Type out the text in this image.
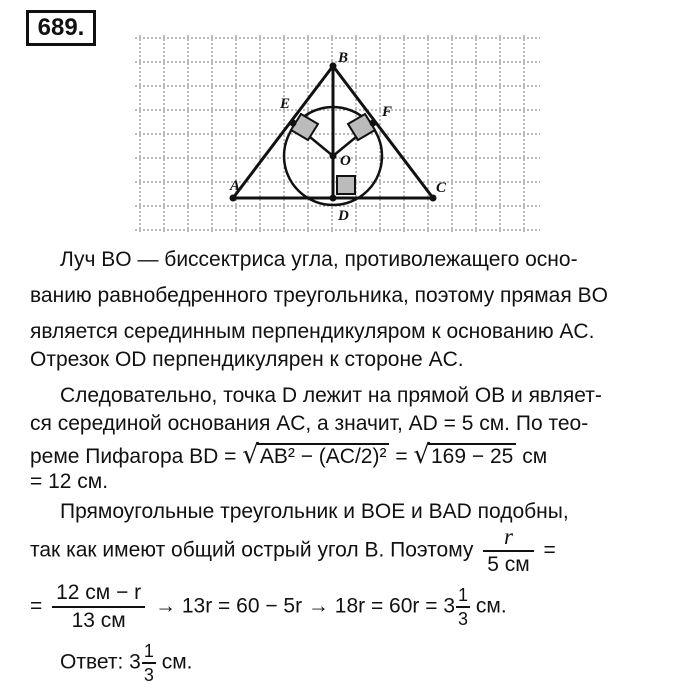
689.
A
B
C
D
E	F
O
Луч BO — биссектриса угла, противолежащего осно-
ванию равнобедренного треугольника, поэтому прямая BO
является серединным перпендикуляром к основанию AC.
Отрезок OD перпендикулярен к стороне AC.
Следовательно, точка D лежит на прямой OB и являет-
ся серединой основания AC, а значит, AD = 5 см. По тео-
реме Пифагора BD = √AB² − (AC/2)² = √169 − 25 см
= 12 см.
Прямоугольные треугольник и BOE и BAD подобны,
так как имеют общий острый угол B. Поэтому $\frac{r}{5 см}$ =
= $\frac{12 см - r}{13 см} \to 13r = 60 - 5r \to 18r = 60r = 3 \frac{1}{3}$ см.
Ответ: $3 \frac{1}{3}$ см.
